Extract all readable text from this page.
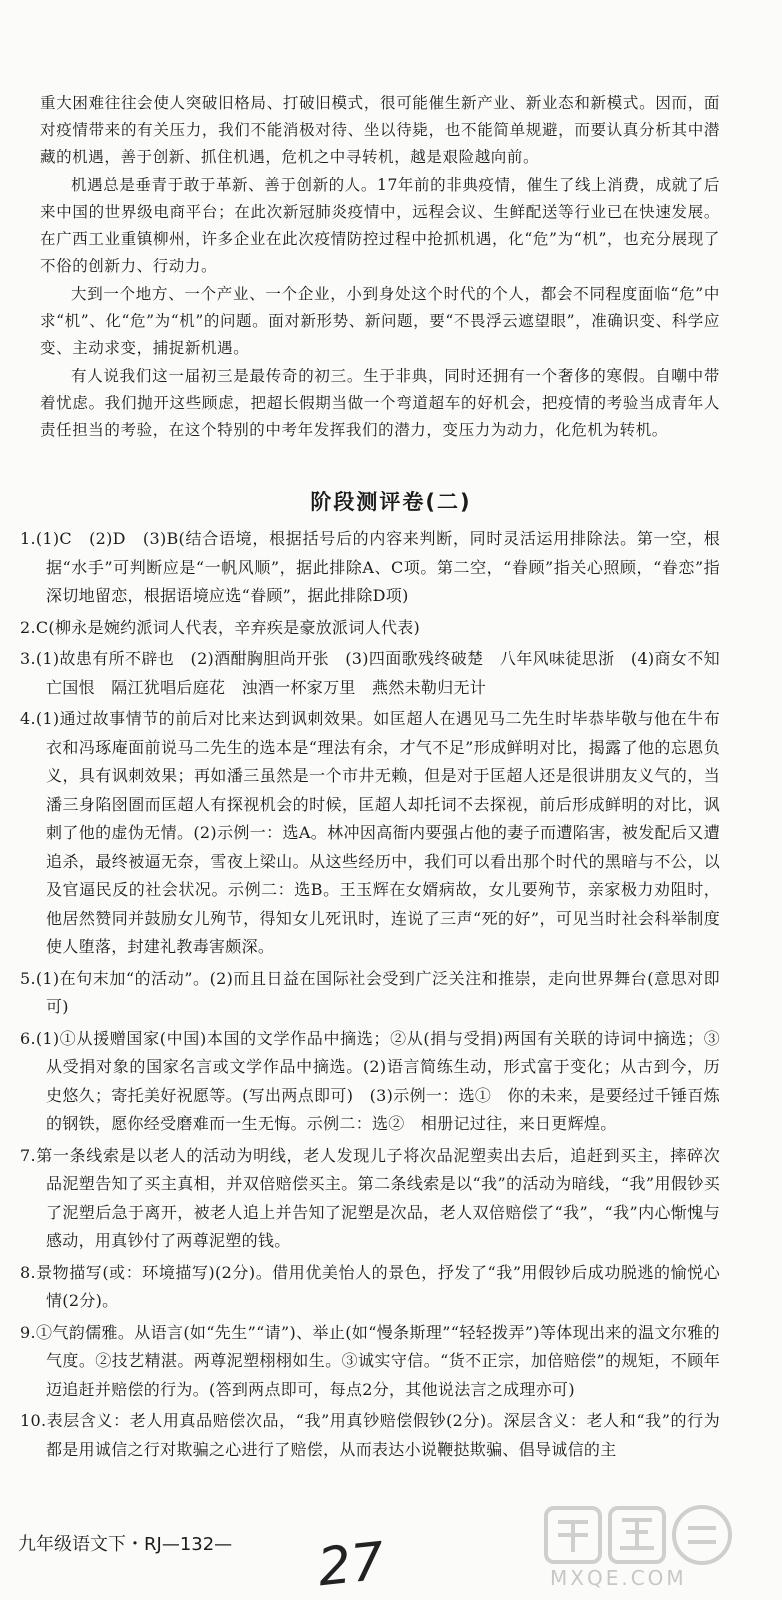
重大困难往往会使人突破旧格局、打破旧模式，很可能催生新产业、新业态和新模式。因而，面对疫情带来的有关压力，我们不能消极对待、坐以待毙，也不能简单规避，而要认真分析其中潜藏的机遇，善于创新、抓住机遇，危机之中寻转机，越是艰险越向前。

机遇总是垂青于敢于革新、善于创新的人。17年前的非典疫情，催生了线上消费，成就了后来中国的世界级电商平台；在此次新冠肺炎疫情中，远程会议、生鲜配送等行业已在快速发展。在广西工业重镇柳州，许多企业在此次疫情防控过程中抢抓机遇，化“危”为“机”，也充分展现了不俗的创新力、行动力。

大到一个地方、一个产业、一个企业，小到身处这个时代的个人，都会不同程度面临“危”中求“机”、化“危”为“机”的问题。面对新形势、新问题，要“不畏浮云遮望眼”，准确识变、科学应变、主动求变，捕捉新机遇。

有人说我们这一届初三是最传奇的初三。生于非典，同时还拥有一个奢侈的寒假。自嘲中带着忧虑。我们抛开这些顾虑，把超长假期当做一个弯道超车的好机会，把疫情的考验当成青年人责任担当的考验，在这个特别的中考年发挥我们的潜力，变压力为动力，化危机为转机。

阶段测评卷(二)
1.(1)C　(2)D　(3)B(结合语境，根据括号后的内容来判断，同时灵活运用排除法。第一空，根据“水手”可判断应是“一帆风顺”，据此排除A、C项。第二空，“眷顾”指关心照顾，“眷恋”指深切地留恋，根据语境应选“眷顾”，据此排除D项)
2.C(柳永是婉约派词人代表，辛弃疾是豪放派词人代表)
3.(1)故患有所不辟也　(2)酒酣胸胆尚开张　(3)四面歌残终破楚　八年风味徒思浙　(4)商女不知亡国恨　隔江犹唱后庭花　浊酒一杯家万里　燕然未勒归无计
4.(1)通过故事情节的前后对比来达到讽刺效果。如匡超人在遇见马二先生时毕恭毕敬与他在牛布衣和冯琢庵面前说马二先生的选本是“理法有余，才气不足”形成鲜明对比，揭露了他的忘恩负义，具有讽刺效果；再如潘三虽然是一个市井无赖，但是对于匡超人还是很讲朋友义气的，当潘三身陷囹圄而匡超人有探视机会的时候，匡超人却托词不去探视，前后形成鲜明的对比，讽刺了他的虚伪无情。(2)示例一：选A。林冲因高衙内要强占他的妻子而遭陷害，被发配后又遭追杀，最终被逼无奈，雪夜上梁山。从这些经历中，我们可以看出那个时代的黑暗与不公，以及官逼民反的社会状况。示例二：选B。王玉辉在女婿病故，女儿要殉节，亲家极力劝阻时，他居然赞同并鼓励女儿殉节，得知女儿死讯时，连说了三声“死的好”，可见当时社会科举制度使人堕落，封建礼教毒害颇深。
5.(1)在句末加“的活动”。(2)而且日益在国际社会受到广泛关注和推崇，走向世界舞台(意思对即可)
6.(1)①从援赠国家(中国)本国的文学作品中摘选；②从(捐与受捐)两国有关联的诗词中摘选；③从受捐对象的国家名言或文学作品中摘选。(2)语言简练生动，形式富于变化；从古到今，历史悠久；寄托美好祝愿等。(写出两点即可)　(3)示例一：选①　你的未来，是要经过千锤百炼的钢铁，愿你经受磨难而一生无悔。示例二：选②　相册记过往，来日更辉煌。
7.第一条线索是以老人的活动为明线，老人发现儿子将次品泥塑卖出去后，追赶到买主，摔碎次品泥塑告知了买主真相，并双倍赔偿买主。第二条线索是以“我”的活动为暗线，“我”用假钞买了泥塑后急于离开，被老人追上并告知了泥塑是次品，老人双倍赔偿了“我”，“我”内心惭愧与感动，用真钞付了两尊泥塑的钱。
8.景物描写(或：环境描写)(2分)。借用优美怡人的景色，抒发了“我”用假钞后成功脱逃的愉悦心情(2分)。
9.①气韵儒雅。从语言(如“先生”“请”)、举止(如“慢条斯理”“轻轻拨弄”)等体现出来的温文尔雅的气度。②技艺精湛。两尊泥塑栩栩如生。③诚实守信。“货不正宗，加倍赔偿”的规矩，不顾年迈追赶并赔偿的行为。(答到两点即可，每点2分，其他说法言之成理亦可)
10.表层含义：老人用真品赔偿次品，“我”用真钞赔偿假钞(2分)。深层含义：老人和“我”的行为都是用诚信之行对欺骗之心进行了赔偿，从而表达小说鞭挞欺骗、倡导诚信的主
九年级语文下・RJ—132— 27	MXQE.COM
